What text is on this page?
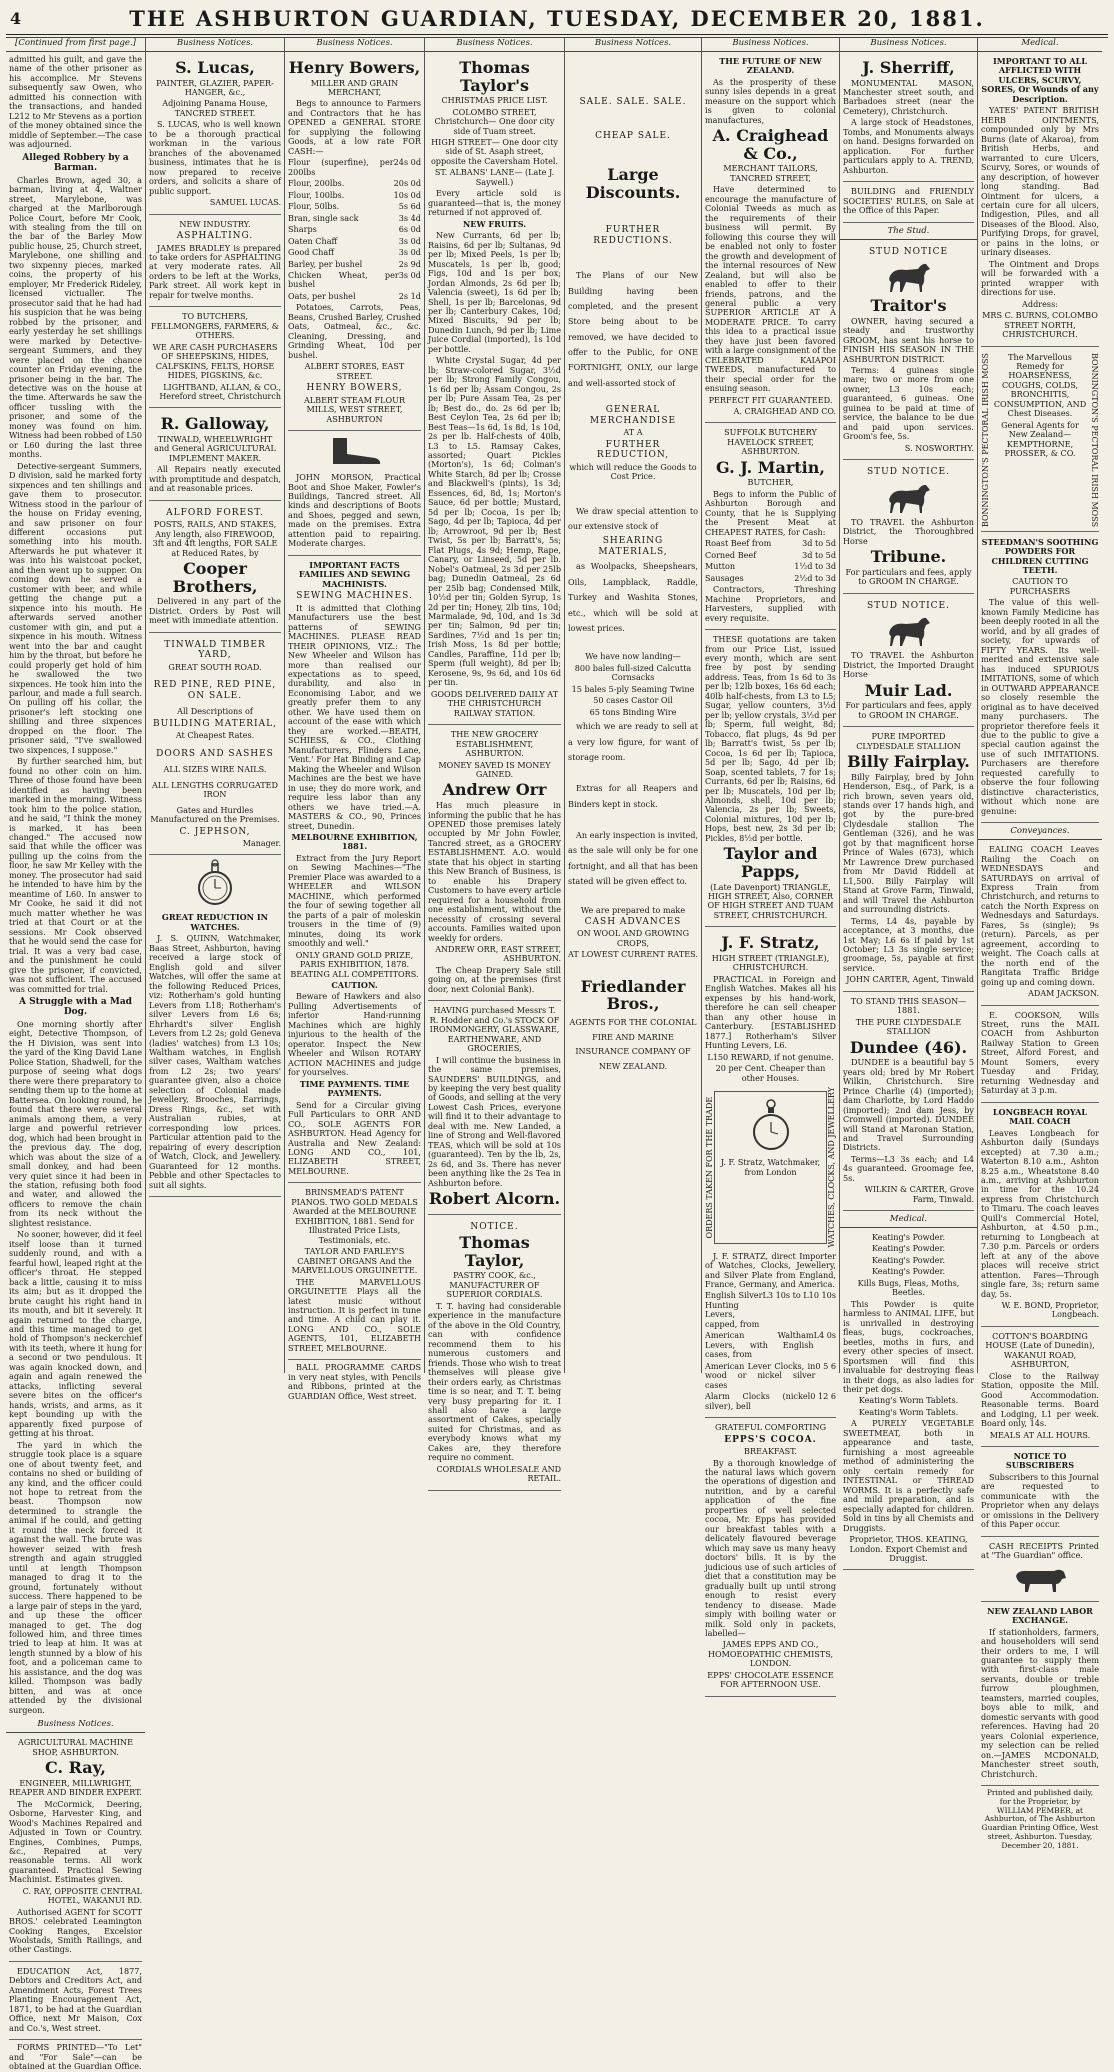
4	THE ASHBURTON GUARDIAN, TUESDAY, DECEMBER 20, 1881.
[Continued from first page.]

admitted his guilt, and gave the name of the other prisoner as his accomplice. Mr Stevens subsequently saw Owen, who admitted his connection with the transactions, and handed L212 to Mr Stevens as a portion of the money obtained since the middle of September.—The case was adjourned.

Alleged Robbery by a Barman.

Charles Brown, aged 30, a barman, living at 4, Waltner street, Marylebone, was charged at the Marlborough Police Court, before Mr Cook, with stealing from the till on the bar of the Barley Mow public house, 25, Church street, Marylebone, one shilling and two sixpenny pieces, marked coins, the property of his employer, Mr Frederick Rideley, licensed victualler. The prosecutor said that he had had his suspicion that he was being robbed by the prisoner, and early yesterday he set shillings were marked by Detective-sergeant Summers, and they were placed on the chance counter on Friday evening, the prisoner being in the bar. The detective was on the house at the time. Afterwards he saw the officer tussling with the prisoner, and some of the money was found on him. Witness had been robbed of L50 or L60 during the last three months.

Detective-sergeant Summers, D division, said he marked forty sixpences and ten shillings and gave them to prosecutor. Witness stood in the parlour of the house on Friday evening, and saw prisoner on four different occasions put something into his mouth. Afterwards he put whatever it was into his waistcoat pocket, and then went up to supper. On coming down he served a customer with beer, and while getting the change put a sixpence into his mouth. He afterwards served another customer with gin, and put a sixpence in his mouth. Witness went into the bar and caught him by the throat, but before he could properly get hold of him he swallowed the two sixpences. He took him into the parlour, and made a full search. On pulling off his collar, the prisoner's left stocking one shilling and three sixpences dropped on the floor. The prisoner said, "I've swallowed two sixpences, I suppose."

By further searched him, but found no other coin on him. Three of those found have been identified as having been marked in the morning. Witness took him to the police station, and he said, "I think the money is marked, it has been changed." The accused now said that while the officer was pulling up the coins from the floor, he saw Mr Kelley with the money. The prosecutor had said he intended to have him by the meantime of L60. In answer to Mr Cooke, he said it did not much matter whether he was tried at that Court or at the sessions. Mr Cook observed that he would send the case for trial. It was a very bad case, and the punishment he could give the prisoner, if convicted, was not sufficient. The accused was committed for trial.

A Struggle with a Mad Dog.

One morning shortly after eight, Detective Thompson, of the H Division, was sent into the yard of the King David Lane Police Station, Shadwell, for the purpose of seeing what dogs there were there preparatory to sending them up to the home at Battersea. On looking round, he found that there were several animals among them, a very large and powerful retriever dog, which had been brought in the previous day. The dog, which was about the size of a small donkey, and had been very quiet since it had been in the station, refusing both food and water, and allowed the officers to remove the chain from its neck without the slightest resistance.

No sooner, however, did it feel itself loose than it turned suddenly round, and with a fearful howl, leaped right at the officer's throat. He stepped back a little, causing it to miss its aim; but as it dropped the brute caught his right hand in its mouth, and bit it severely. It again returned to the charge, and this time managed to get hold of Thompson's neckerchief with its teeth, where it hung for a second or two pendulous. It was again knocked down, and again and again renewed the attacks, inflicting several severe bites on the officer's hands, wrists, and arms, as it kept bounding up with the apparently fixed purpose of getting at his throat.

The yard in which the struggle took place is a square one of about twenty feet, and contains no shed or building of any kind, and the officer could not hope to retreat from the beast. Thompson now determined to strangle the animal if he could, and getting it round the neck forced it against the wall. The brute was however seized with fresh strength and again struggled until at length Thompson managed to drag it to the ground, fortunately without success. There happened to be a large pair of steps in the yard, and up these the officer managed to get. The dog followed him, and three times tried to leap at him. It was at length stunned by a blow of his foot, and a policeman came to his assistance, and the dog was killed. Thompson was badly bitten, and was at once attended by the divisional surgeon.

Business Notices.

AGRICULTURAL MACHINE SHOP, ASHBURTON.

C. Ray,

ENGINEER, MILLWRIGHT, REAPER AND BINDER EXPERT.

The McCormick, Deering, Osborne, Harvester King, and Wood's Machines Repaired and Adjusted in Town or Country. Engines, Combines, Pumps, &c., Repaired at very reasonable terms. All work guaranteed. Practical Sewing Machinist. Estimates given.

C. RAY, OPPOSITE CENTRAL HOTEL, WAKANUI RD.

Authorised AGENT for SCOTT BROS.' celebrated Leamington Cooking Ranges, Excelsior Woolstads, Smith Railings, and other Castings.

EDUCATION Act, 1877, Debtors and Creditors Act, and Amendment Acts, Forest Trees Planting Encouragement Act, 1871, to be had at the Guardian Office, next Mr Maison, Cox and Co.'s, West street.

FORMS PRINTED—"To Let" and "For Sale"—can be obtained at the Guardian Office.

Business Notices.
S. Lucas,

PAINTER, GLAZIER, PAPER-HANGER, &c.,

Adjoining Panama House, TANCRED STREET.

S. LUCAS, who is well known to be a thorough practical workman in the various branches of the abovenamed business, intimates that he is now prepared to receive orders, and solicits a share of public support.

SAMUEL LUCAS.

NEW INDUSTRY.

ASPHALTING.

JAMES BRADLEY is prepared to take orders for ASPHALTING at very moderate rates. All orders to be left at the Works, Park street. All work kept in repair for twelve months.

TO BUTCHERS, FELLMONGERS, FARMERS, & OTHERS.

WE ARE CASH PURCHASERS OF SHEEPSKINS, HIDES, CALFSKINS, FELTS, HORSE HIDES, PIGSKINS, &c.

LIGHTBAND, ALLAN, & CO., Hereford street, Christchurch

R. Galloway,

TINWALD, WHEELWRIGHT and General AGRICULTURAL IMPLEMENT MAKER.

All Repairs neatly executed with promptitude and despatch, and at reasonable prices.

ALFORD FOREST.

POSTS, RAILS, AND STAKES, Any length, also FIREWOOD, 3ft and 4ft lengths, FOR SALE at Reduced Rates, by

Cooper Brothers,

Delivered in any part of the District. Orders by Post will meet with immediate attention.

TINWALD TIMBER YARD,

GREAT SOUTH ROAD.

RED PINE, RED PINE, ON SALE.

All Descriptions of

BUILDING MATERIAL,

At Cheapest Rates.

DOORS AND SASHES

ALL SIZES WIRE NAILS.

ALL LENGTHS CORRUGATED IRON

Gates and Hurdles Manufactured on the Premises.

C. JEPHSON,

Manager.

GREAT REDUCTION IN WATCHES.

J. S. QUINN, Watchmaker, Baas Street, Ashburton, having received a large stock of English gold and silver Watches, will offer the same at the following Reduced Prices, viz: Rotherham's gold hunting Levers from L18; Rotherham's silver Levers from L6 6s; Ehrhardt's silver English Levers from L2 2s; gold Geneva (ladies' watches) from L3 10s; Waltham watches, in English silver cases, Waltham watches from L2 2s; two years' guarantee given, also a choice selection of Colonial made Jewellery, Brooches, Earrings, Dress Rings, &c., set with Australian rubies, at corresponding low prices. Particular attention paid to the repairing of every description of Watch, Clock, and Jewellery. Guaranteed for 12 months. Pebble and other Spectacles to suit all sights.

Business Notices.
Henry Bowers,

MILLER AND GRAIN MERCHANT,

Begs to announce to Farmers and Contractors that he has OPENED a GENERAL STORE for supplying the following Goods, at a low rate FOR CASH:—

Flour (superfine), per 200lbs
24s 0d

Flour, 200lbs.	20s 0d

Flour, 100lbs.	10s 0d

Flour, 50lbs.	5s 6d

Bran, single sack	3s 4d

Sharps	6s 0d

Oaten Chaff	3s 0d

Good Chaff	3s 0d

Barley, per bushel	2s 9d

Chicken Wheat, per bushel
3s 0d

Oats, per bushel	2s 1d

Potatoes, Carrots, Peas, Beans, Crushed Barley, Crushed Oats, Oatmeal, &c., &c. Cleaning, Dressing, and Grinding Wheat, 10d per bushel.

ALBERT STORES, EAST STREET.

HENRY BOWERS,

ALBERT STEAM FLOUR MILLS, WEST STREET, ASHBURTON

JOHN MORSON, Practical Boot and Shoe Maker, Fowler's Buildings, Tancred street. All kinds and descriptions of Boots and Shoes, pegged and sewn, made on the premises. Extra attention paid to repairing. Moderate charges.

IMPORTANT FACTS FAMILIES AND SEWING MACHINISTS.

SEWING MACHINES.

It is admitted that Clothing Manufacturers use the best patterns of SEWING MACHINES. PLEASE READ THEIR OPINIONS, VIZ.: The New Wheeler and Wilson has more than realised our expectations as to speed, durability, and also in Economising Labor, and we greatly prefer them to any other. We have used them on account of the ease with which they are worked.—BEATH, SCHIESS, & CO., Clothing Manufacturers, Flinders Lane, 'Vent.' For Hat Binding and Cap Making the Wheeler and Wilson Machines are the best we have in use; they do more work, and require less labor than any others we have tried.—A. MASTERS & CO., 90, Princes street, Dunedin.

MELBOURNE EXHIBITION, 1881.

Extract from the Jury Report on Sewing Machines—"The Premier Place was awarded to a WHEELER and WILSON MACHINE, which performed the four of sewing together all the parts of a pair of moleskin trousers in the time of (9) minutes, doing its work smoothly and well."

ONLY GRAND GOLD PRIZE, PARIS EXHIBITION, 1878. BEATING ALL COMPETITORS.

CAUTION.

Beware of Hawkers and also Pulling Advertisements of inferior Hand-running Machines which are highly injurious to the health of the operator. Inspect the New Wheeler and Wilson ROTARY ACTION MACHINES and judge for yourselves.

TIME PAYMENTS. TIME PAYMENTS.

Send for a Circular giving Full Particulars to ORR AND CO., SOLE AGENTS FOR ASHBURTON. Head Agency for Australia and New Zealand: LONG AND CO., 101, ELIZABETH STREET, MELBOURNE.

BRINSMEAD'S PATENT PIANOS. TWO GOLD MEDALS Awarded at the MELBOURNE EXHIBITION, 1881. Send for Illustrated Price Lists, Testimonials, etc.

TAYLOR AND FARLEY'S CABINET ORGANS And the MARVELLOUS ORGUINETTE.

THE MARVELLOUS ORGUINETTE Plays all the latest music without instruction. It is perfect in tune and time. A child can play it. LONG AND CO., SOLE AGENTS, 101, ELIZABETH STREET, MELBOURNE.

BALL PROGRAMME CARDS in very neat styles, with Pencils and Ribbons, printed at the GUARDIAN Office, West street.

Business Notices.
Thomas Taylor's

CHRISTMAS PRICE LIST.

COLOMBO STREET, Christchurch— One door city side of Tuam street.

HIGH STREET— One door city side of St. Asaph street, opposite the Caversham Hotel.

ST. ALBANS' LANE— (Late J. Saywell.)

Every article sold is guaranteed—that is, the money returned if not approved of.

NEW FRUITS.

New Currants, 6d per lb; Raisins, 6d per lb; Sultanas, 9d per lb; Mixed Peels, 1s per lb; Muscatels, 1s per lb, good; Figs, 10d and 1s per box; Jordan Almonds, 2s 6d per lb; Valencia (sweet), 1s 6d per lb; Shell, 1s per lb; Barcelonas, 9d per lb; Canterbury Cakes, 10d; Mixed Biscuits, 9d per lb; Dunedin Lunch, 9d per lb; Lime Juice Cordial (imported), 1s 10d per bottle.

White Crystal Sugar, 4d per lb; Straw-colored Sugar, 3½d per lb; Strong Family Congou, 1s 6d per lb; Assam Congou, 2s per lb; Pure Assam Tea, 2s per lb; Best do., do. 2s 6d per lb; Best Ceylon Tea, 2s 6d per lb; Best Teas—1s 6d, 1s 8d, 1s 10d, 2s per lb. Half-chests of 40lb, L3 to L5. Ramsay Cakes, assorted; Quart Pickles (Morton's), 1s 6d; Colman's White Starch, 8d per lb; Crosse and Blackwell's (pints), 1s 3d; Essences, 6d, 8d, 1s; Morton's Sauce, 6d per bottle; Mustard, 5d per lb; Cocoa, 1s per lb; Sago, 4d per lb; Tapioca, 4d per lb; Arrowroot, 9d per lb; Best Twist, 5s per lb; Barratt's, 5s; Flat Plugs, 4s 9d; Hemp, Rape, Canary, or Linseed, 5d per lb. Nobel's Oatmeal, 2s 3d per 25lb bag; Dunedin Oatmeal, 2s 6d per 25lb bag; Condensed Milk, 10½d per tin; Golden Syrup, 1s 2d per tin; Honey, 2lb tins, 10d; Marmalade, 9d, 10d, and 1s 3d per tin; Salmon, 9d per tin; Sardines, 7½d and 1s per tin; Irish Moss, 1s 8d per bottle; Candles, Paraffine, 11d per lb; Sperm (full weight), 8d per lb; Kerosene, 9s, 9s 6d, and 10s 6d per tin.

GOODS DELIVERED DAILY AT THE CHRISTCHURCH RAILWAY STATION.

THE NEW GROCERY ESTABLISHMENT, ASHBURTON.

MONEY SAVED IS MONEY GAINED.

Andrew Orr

Has much pleasure in informing the public that he has OPENED those premises lately occupied by Mr John Fowler, Tancred street, as a GROCERY ESTABLISHMENT. A.O. would state that his object in starting this New Branch of Business, is to enable his Drapery Customers to have every article required for a household from one establishment, without the necessity of crossing several accounts. Families waited upon weekly for orders.

ANDREW ORR, EAST STREET, ASHBURTON.

The Cheap Drapery Sale still going on, at the premises (first door, next Colonial Bank).

HAVING purchased Messrs T. R. Hodder and Co.'s STOCK OF IRONMONGERY, GLASSWARE, EARTHENWARE, AND GROCERIES,

I will continue the business in the same premises, SAUNDERS' BUILDINGS, and by keeping the very best quality of Goods, and selling at the very Lowest Cash Prices, everyone will find it to their advantage to deal with me. New Landed, a line of Strong and Well-flavored TEAS, which will be sold at 10s (guaranteed). Ten by the lb, 2s, 2s 6d, and 3s. There has never been anything like the 2s Tea in Ashburton before.

Robert Alcorn.
NOTICE.
Thomas Taylor,

PASTRY COOK, &c., MANUFACTURER OF SUPERIOR CORDIALS.

T. T. having had considerable experience in the manufacture of the above in the Old Country, can with confidence recommend them to his numerous customers and friends. Those who wish to treat themselves will please give their orders early, as Christmas time is so near, and T. T. being very busy preparing for it. I shall also have a large assortment of Cakes, specially suited for Christmas, and as everybody knows what my Cakes are, they therefore require no comment.

CORDIALS WHOLESALE AND RETAIL.

Business Notices.
SALE. SALE. SALE.
CHEAP SALE.
Large Discounts.
FURTHER REDUCTIONS.

The Plans of our New Building having been completed, and the present Store being about to be removed, we have decided to offer to the Public, for ONE FORTNIGHT, ONLY, our large and well-assorted stock of

GENERAL MERCHANDISE

AT A

FURTHER REDUCTION,

which will reduce the Goods to Cost Price.

We draw special attention to our extensive stock of

SHEARING MATERIALS,

as Woolpacks, Sheepshears, Oils, Lampblack, Raddle, Turkey and Washita Stones, etc., which will be sold at lowest prices.

We have now landing—

800 bales full-sized Calcutta Cornsacks

15 bales 5-ply Seaming Twine

50 cases Castor Oil

65 tons Binding Wire

which we are ready to sell at a very low figure, for want of storage room.

Extras for all Reapers and Binders kept in stock.

An early inspection is invited, as the sale will only be for one fortnight, and all that has been stated will be given effect to.

We are prepared to make

CASH ADVANCES

ON WOOL AND GROWING CROPS,

AT LOWEST CURRENT RATES.

Friedlander Bros.,

AGENTS FOR THE COLONIAL FIRE AND MARINE INSURANCE COMPANY OF NEW ZEALAND.

Business Notices.

THE FUTURE OF NEW ZEALAND.

As the prosperity of these sunny isles depends in a great measure on the support which is given to colonial manufactures,

A. Craighead & Co.,

MERCHANT TAILORS, TANCRED STREET,

Have determined to encourage the manufacture of Colonial Tweeds as much as the requirements of their business will permit. By following this course they will be enabled not only to foster the growth and development of the internal resources of New Zealand, but will also be enabled to offer to their friends, patrons, and the general public a very SUPERIOR ARTICLE AT A MODERATE PRICE. To carry this idea to a practical issue they have just been favored with a large consignment of the CELEBRATED KAIAPOI TWEEDS, manufactured to their special order for the ensuing season.

PERFECT FIT GUARANTEED.

A. CRAIGHEAD AND CO.

SUFFOLK BUTCHERY HAVELOCK STREET, ASHBURTON.

G. J. Martin,

BUTCHER,

Begs to inform the Public of Ashburton Borough and County, that he is Supplying the Present Meat at CHEAPEST RATES, for Cash:

Roast Beef from	3d to 5d

Corned Beef	3d to 5d

Mutton	1½d to 3d

Sausages	2½d to 3d

Contractors, Threshing Machine Proprietors, and Harvesters, supplied with every requisite.

THESE quotations are taken from our Price List, issued every month, which are sent free by post by sending address. Teas, from 1s 6d to 3s per lb; 12lb boxes, 16s 6d each; 40lb half-chests, from L3 to L5; Sugar, yellow counters, 3½d per lb; yellow crystals, 3½d per lb; Sperm, full weight, 8d; Tobacco, flat plugs, 4s 9d per lb; Barratt's twist, 5s per lb; Cocoa, 1s 6d per lb; Tapioca, 5d per lb; Sago, 4d per lb; Soap, scented tablets, 7 for 1s; Currants, 6d per lb; Raisins, 6d per lb; Muscatels, 10d per lb; Almonds, shell, 10d per lb; Valencia, 2s per lb; Sweets, Colonial mixtures, 10d per lb; Hops, best new, 2s 3d per lb; Pickles, 8½d per bottle.

Taylor and Papps,

(Late Davenport) TRIANGLE, HIGH STREET, Also, CORNER OF HIGH STREET AND TUAM STREET, CHRISTCHURCH.

J. F. Stratz,

HIGH STREET (TRIANGLE), CHRISTCHURCH.

PRACTICAL in Foreign and English Watches. Makes all his expenses by his hand-work, therefore he can sell cheaper than any other house in Canterbury. [ESTABLISHED 1877.] Rotherham's Silver Hunting Levers, L6.

L150 REWARD, if not genuine.

20 per Cent. Cheaper than other Houses.

ORDERS TAKEN FOR THE TRADE J. F. Stratz, Watchmaker, from London	WATCHES, CLOCKS, AND JEWELLERY

J. F. STRATZ, direct Importer of Watches, Clocks, Jewellery, and Silver Plate from England, France, Germany, and America.

English Silver Hunting Levers, capped, from
L3 10s to L10 10s

American Waltham Levers, with English cases, from
L4 0s

American Lever Clocks, in wood or nickel silver cases
0 5 6

Alarm Clocks (nickel silver), bell
0 12 6

GRATEFUL COMFORTING

EPPS'S COCOA.

BREAKFAST.

By a thorough knowledge of the natural laws which govern the operations of digestion and nutrition, and by a careful application of the fine properties of well selected cocoa, Mr. Epps has provided our breakfast tables with a delicately flavoured beverage which may save us many heavy doctors' bills. It is by the judicious use of such articles of diet that a constitution may be gradually built up until strong enough to resist every tendency to disease. Made simply with boiling water or milk. Sold only in packets, labelled—

JAMES EPPS AND CO., HOMOEOPATHIC CHEMISTS, LONDON.

EPPS' CHOCOLATE ESSENCE FOR AFTERNOON USE.

Business Notices.
J. Sherriff,

MONUMENTAL MASON, Manchester street south, and Barbadoes street (near the Cemetery), Christchurch.

A large stock of Headstones, Tombs, and Monuments always on hand. Designs forwarded on application. For further particulars apply to A. TREND, Ashburton.

BUILDING and FRIENDLY SOCIETIES' RULES, on Sale at the Office of this Paper.

The Stud.
STUD NOTICE
Traitor's

OWNER, having secured a steady and trustworthy GROOM, has sent his horse to FINISH HIS SEASON IN THE ASHBURTON DISTRICT.

Terms: 4 guineas single mare; two or more from one owner, L3 10s each; guaranteed, 6 guineas. One guinea to be paid at time of service, the balance to be due and paid upon services. Groom's fee, 5s.

S. NOSWORTHY.

STUD NOTICE.

TO TRAVEL the Ashburton District, the Thoroughbred Horse

Tribune.

For particulars and fees, apply to GROOM IN CHARGE.

STUD NOTICE.

TO TRAVEL the Ashburton District, the Imported Draught Horse

Muir Lad.

For particulars and fees, apply to GROOM IN CHARGE.

PURE IMPORTED CLYDESDALE STALLION

Billy Fairplay.

Billy Fairplay, bred by John Henderson, Esq., of Park, is a rich brown, seven years old, stands over 17 hands high, and got by the pure-bred Clydesdale stallion The Gentleman (326), and he was got by that magnificent horse Prince of Wales (673), which Mr Lawrence Drew purchased from Mr David Riddell at L1,500. Billy Fairplay will Stand at Grove Farm, Tinwald, and will Travel the Ashburton and surrounding districts.

Terms, L4 4s, payable by acceptance, at 3 months, due 1st May; L6 6s if paid by 1st October; L3 3s single service; groomage, 5s, payable at first service.

JOHN CARTER, Agent, Tinwald

TO STAND THIS SEASON—1881.

THE PURE CLYDESDALE STALLION

Dundee (46).

DUNDEE is a beautiful bay 5 years old; bred by Mr Robert Wilkin, Christchurch. Sire Prince Charlie (4) (imported); dam Charlotte, by Lord Haddo (imported); 2nd dam Jess, by Cromwell (imported). DUNDEE will Stand at Maronan Station, and Travel Surrounding Districts.

Terms—L3 3s each; and L4 4s guaranteed. Groomage fee, 5s.

WILKIN & CARTER, Grove Farm, Tinwald.

Medical.

Keating's Powder.

Keating's Powder.

Keating's Powder.

Keating's Powder.

Kills Bugs, Fleas, Moths, Beetles.

This Powder is quite harmless to ANIMAL LIFE, but is unrivalled in destroying fleas, bugs, cockroaches, beetles, moths in furs, and every other species of insect. Sportsmen will find this invaluable for destroying fleas in their dogs, as also ladies for their pet dogs.

Keating's Worm Tablets.

Keating's Worm Tablets.

A PURELY VEGETABLE SWEETMEAT, both in appearance and taste, furnishing a most agreeable method of administering the only certain remedy for INTESTINAL or THREAD WORMS. It is a perfectly safe and mild preparation, and is especially adapted for children. Sold in tins by all Chemists and Druggists.

Proprietor, THOS. KEATING, London. Export Chemist and Druggist.

Medical.

IMPORTANT TO ALL AFFLICTED WITH ULCERS, SCURVY, SORES, Or Wounds of any Description.

YATES' PATENT BRITISH HERB OINTMENTS, compounded only by Mrs Burns (late of Akaroa), from British Herbs, and warranted to cure Ulcers, Scurvy, Sores, or wounds of any description, of however long standing. Bad Ointment for ulcers, a certain cure for all ulcers, Indigestion, Piles, and all Diseases of the Blood. Also, Purifying Drops, for gravel, or pains in the loins, or urinary diseases.

The Ointment and Drops will be forwarded with a printed wrapper with directions for use.

Address:

MRS C. BURNS, COLOMBO STREET NORTH, CHRISTCHURCH.

BONNINGTON'S PECTORAL IRISH MOSS	The Marvellous Remedy for HOARSENESS, COUGHS, COLDS, BRONCHITIS, CONSUMPTION, AND Chest Diseases.

General Agents for New Zealand— KEMPTHORNE, PROSSER, & CO.	BONNINGTON'S PECTORAL IRISH MOSS

STEEDMAN'S SOOTHING POWDERS FOR CHILDREN CUTTING TEETH.

CAUTION TO PURCHASERS

The value of this well-known Family Medicine has been deeply rooted in all the world, and by all grades of society, for upwards of FIFTY YEARS. Its well-merited and extensive sale has induced SPURIOUS IMITATIONS, some of which in OUTWARD APPEARANCE so closely resemble the original as to have deceived many purchasers. The proprietor therefore feels it due to the public to give a special caution against the use of such IMITATIONS. Purchasers are therefore requested carefully to observe the four following distinctive characteristics, without which none are genuine:

Conveyances.

EALING COACH Leaves Railing the Coach on WEDNESDAYS and SATURDAYS on arrival of Express Train from Christchurch, and returns to catch the North Express on Wednesdays and Saturdays. Fares, 5s (single); 9s (return). Parcels, as per agreement, according to weight. The Coach calls at the north end of the Rangitata Traffic Bridge going up and coming down.

ADAM JACKSON.

E. COOKSON, Wills Street, runs the MAIL COACH from Ashburton Railway Station to Green Street, Alford Forest, and Mount Somers, every Tuesday and Friday, returning Wednesday and Saturday at 3 p.m.

LONGBEACH ROYAL MAIL COACH

Leaves Longbeach for Ashburton daily (Sundays excepted) at 7.30 a.m.; Waterton 8.10 a.m., Ashton 8.25 a.m., Wheatstone 8.40 a.m., arriving at Ashburton in time for the 10.24 express from Christchurch to Timaru. The coach leaves Quill's Commercial Hotel, Ashburton, at 4.50 p.m., returning to Longbeach at 7.30 p.m. Parcels or orders left at any of the above places will receive strict attention. Fares—Through single fare, 3s; return same day, 5s.

W. E. BOND, Proprietor, Longbeach.

COTTON'S BOARDING HOUSE (Late of Dunedin), WAKANUI ROAD, ASHBURTON,

Close to the Railway Station, opposite the Mill. Good Accommodation. Reasonable terms. Board and Lodging, L1 per week. Board only, 14s.

MEALS AT ALL HOURS.

NOTICE TO SUBSCRIBERS

Subscribers to this Journal are requested to communicate with the Proprietor when any delays or omissions in the Delivery of this Paper occur.

CASH RECEIPTS Printed at "The Guardian" office.

NEW ZEALAND LABOR EXCHANGE.

If stationholders, farmers, and householders will send their orders to me, I will guarantee to supply them with first-class male servants, double or treble furrow ploughmen, teamsters, married couples, boys able to milk, and domestic servants with good references. Having had 20 years Colonial experience, my selection can be relied on.—JAMES MCDONALD, Manchester street south, Christchurch.

Printed and published daily, for the Proprietor, by WILLIAM PEMBER, at Ashburton, of The Ashburton Guardian Printing Office, West street, Ashburton. Tuesday, December 20, 1881.
